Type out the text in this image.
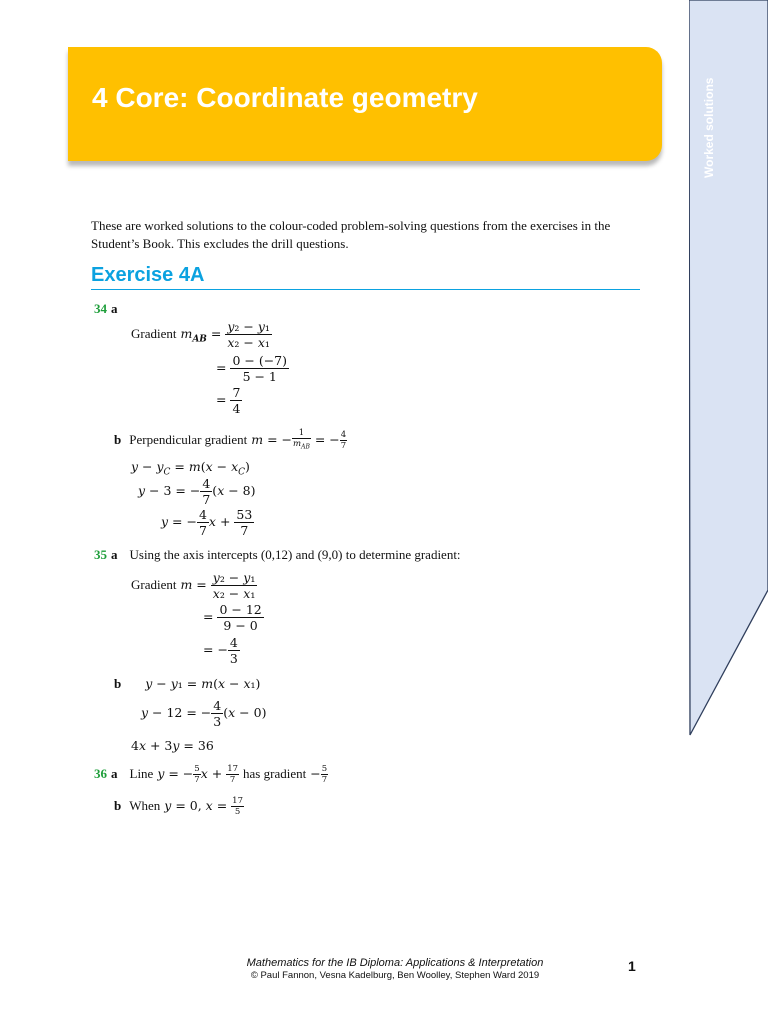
4 Core: Coordinate geometry
These are worked solutions to the colour-coded problem-solving questions from the exercises in the Student’s Book. This excludes the drill questions.
Exercise 4A
34 a
Gradient $m_{AB} = \frac{\text{y₂ − y₁}}{\text{x₂ − x₁}}$
= $\frac{0 - (-7)}{5 - 1}$
= $\frac{7}{4}$
b Perpendicular gradient m = − $\frac{1}{m_{AB}}$ = − $\frac{4}{7}$
$y - y_C = m(x - x_C)$
y − 3 = − $\frac{4}{7} (x - 8)$
y = − $\frac{4}{7}$ $x + \frac{53}{7}$
35 a Using the axis intercepts (0,12) and (9,0) to determine gradient:
Gradient $m = \frac{\text{y₂ − y₁}}{\text{x₂ − x₁}}$
= $\frac{0 - 12}{9 - 0}$
= − $\frac{4}{3}$
b y − y₁ = m(x − x₁)
y − 12 = − $\frac{4}{3} (x - 0)$
4x + 3y = 36
36 a Line y = − $\frac{5}{7}$ $x + \frac{17}{7}$ has gradient − $\frac{5}{7}$
b When y = 0, $x = \frac{17}{5}$
Mathematics for the IB Diploma: Applications & Interpretation
© Paul Fannon, Vesna Kadelburg, Ben Woolley, Stephen Ward 2019
1
